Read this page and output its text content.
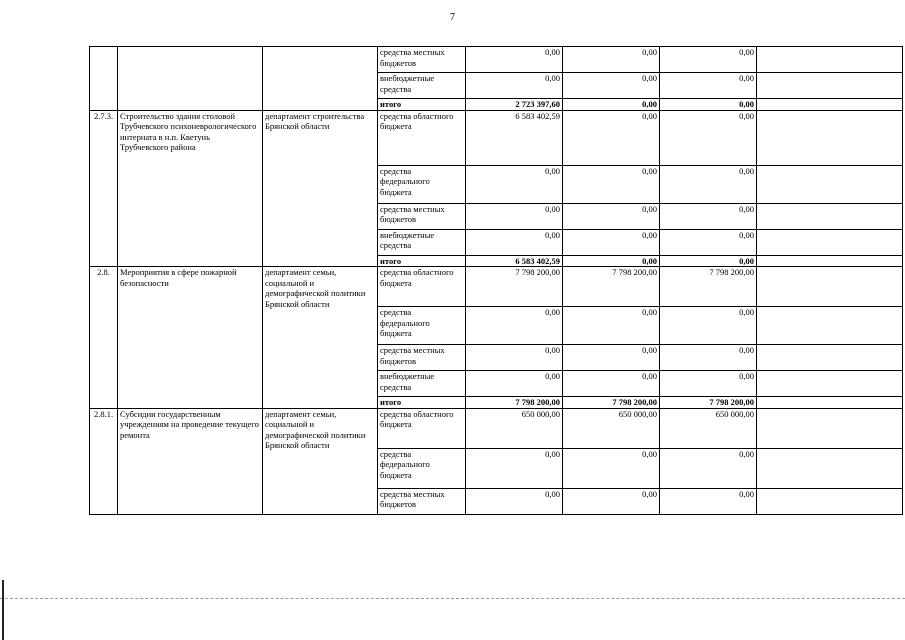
7
			средства местных бюджетов	0,00	0,00	0,00	
			внебюджетные средства	0,00	0,00	0,00	
			итого	2 723 397,60	0,00	0,00	
2.7.3.	Строительство здания столовой Трубчевского психоневрологического интерната в н.п. Кветунь Трубчевского района	департамент строительства Брянской области	средства областного бюджета	6 583 402,59	0,00	0,00	
			средства федерального бюджета	0,00	0,00	0,00	
			средства местных бюджетов	0,00	0,00	0,00	
			внебюджетные средства	0,00	0,00	0,00	
			итого	6 583 402,59	0,00	0,00	
2.8.	Мероприятия в сфере пожарной безопасности	департамент семьи, социальной и демографической политики Брянской области	средства областного бюджета	7 798 200,00	7 798 200,00	7 798 200,00	
			средства федерального бюджета	0,00	0,00	0,00	
			средства местных бюджетов	0,00	0,00	0,00	
			внебюджетные средства	0,00	0,00	0,00	
			итого	7 798 200,00	7 798 200,00	7 798 200,00	
2.8.1.	Субсидии государственным учреждениям на проведение текущего ремонта	департамент семьи, социальной и демографической политики Брянской области	средства областного бюджета	650 000,00	650 000,00	650 000,00	
			средства федерального бюджета	0,00	0,00	0,00	
			средства местных бюджетов	0,00	0,00	0,00	
